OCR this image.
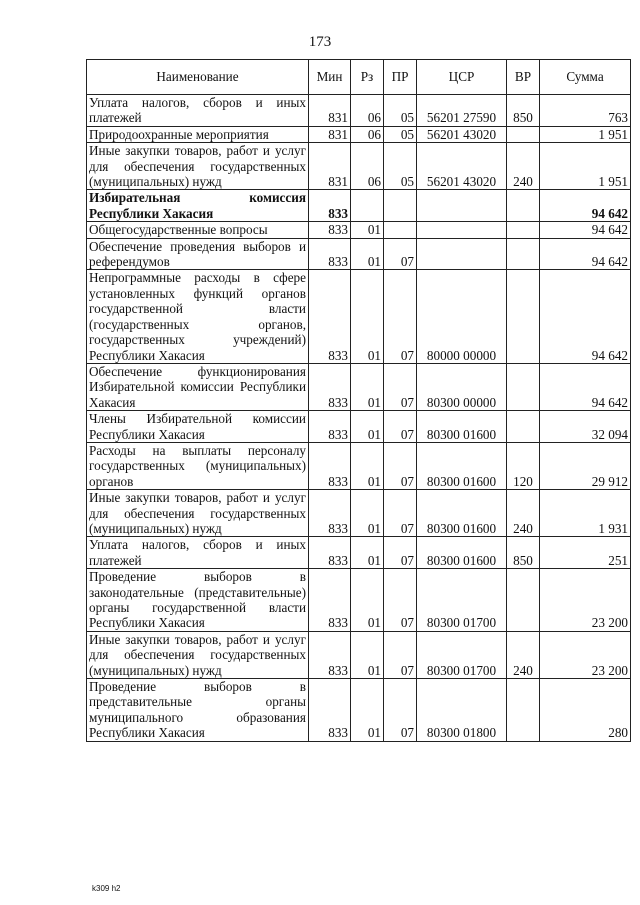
173
Наименование	Мин	Рз	ПР	ЦСР	ВР	Сумма
Уплата налогов, сборов и иных платежей	831	06	05	56201 27590	850	763
Природоохранные мероприятия	831	06	05	56201 43020		1 951
Иные закупки товаров, работ и услуг для обеспечения государственных (муниципальных) нужд	831	06	05	56201 43020	240	1 951
Избирательная комиссия Республики Хакасия	833					94 642
Общегосударственные вопросы	833	01				94 642
Обеспечение проведения выборов и референдумов	833	01	07			94 642
Непрограммные расходы в сфере установленных функций органов государственной власти (государственных органов, государственных учреждений) Республики Хакасия	833	01	07	80000 00000		94 642
Обеспечение функционирования Избирательной комиссии Республики Хакасия	833	01	07	80300 00000		94 642
Члены Избирательной комиссии Республики Хакасия	833	01	07	80300 01600		32 094
Расходы на выплаты персоналу государственных (муниципальных) органов	833	01	07	80300 01600	120	29 912
Иные закупки товаров, работ и услуг для обеспечения государственных (муниципальных) нужд	833	01	07	80300 01600	240	1 931
Уплата налогов, сборов и иных платежей	833	01	07	80300 01600	850	251
Проведение выборов в законодательные (представительные) органы государственной власти Республики Хакасия	833	01	07	80300 01700		23 200
Иные закупки товаров, работ и услуг для обеспечения государственных (муниципальных) нужд	833	01	07	80300 01700	240	23 200
Проведение выборов в представительные органы муниципального образования Республики Хакасия	833	01	07	80300 01800		280
k309 h2
